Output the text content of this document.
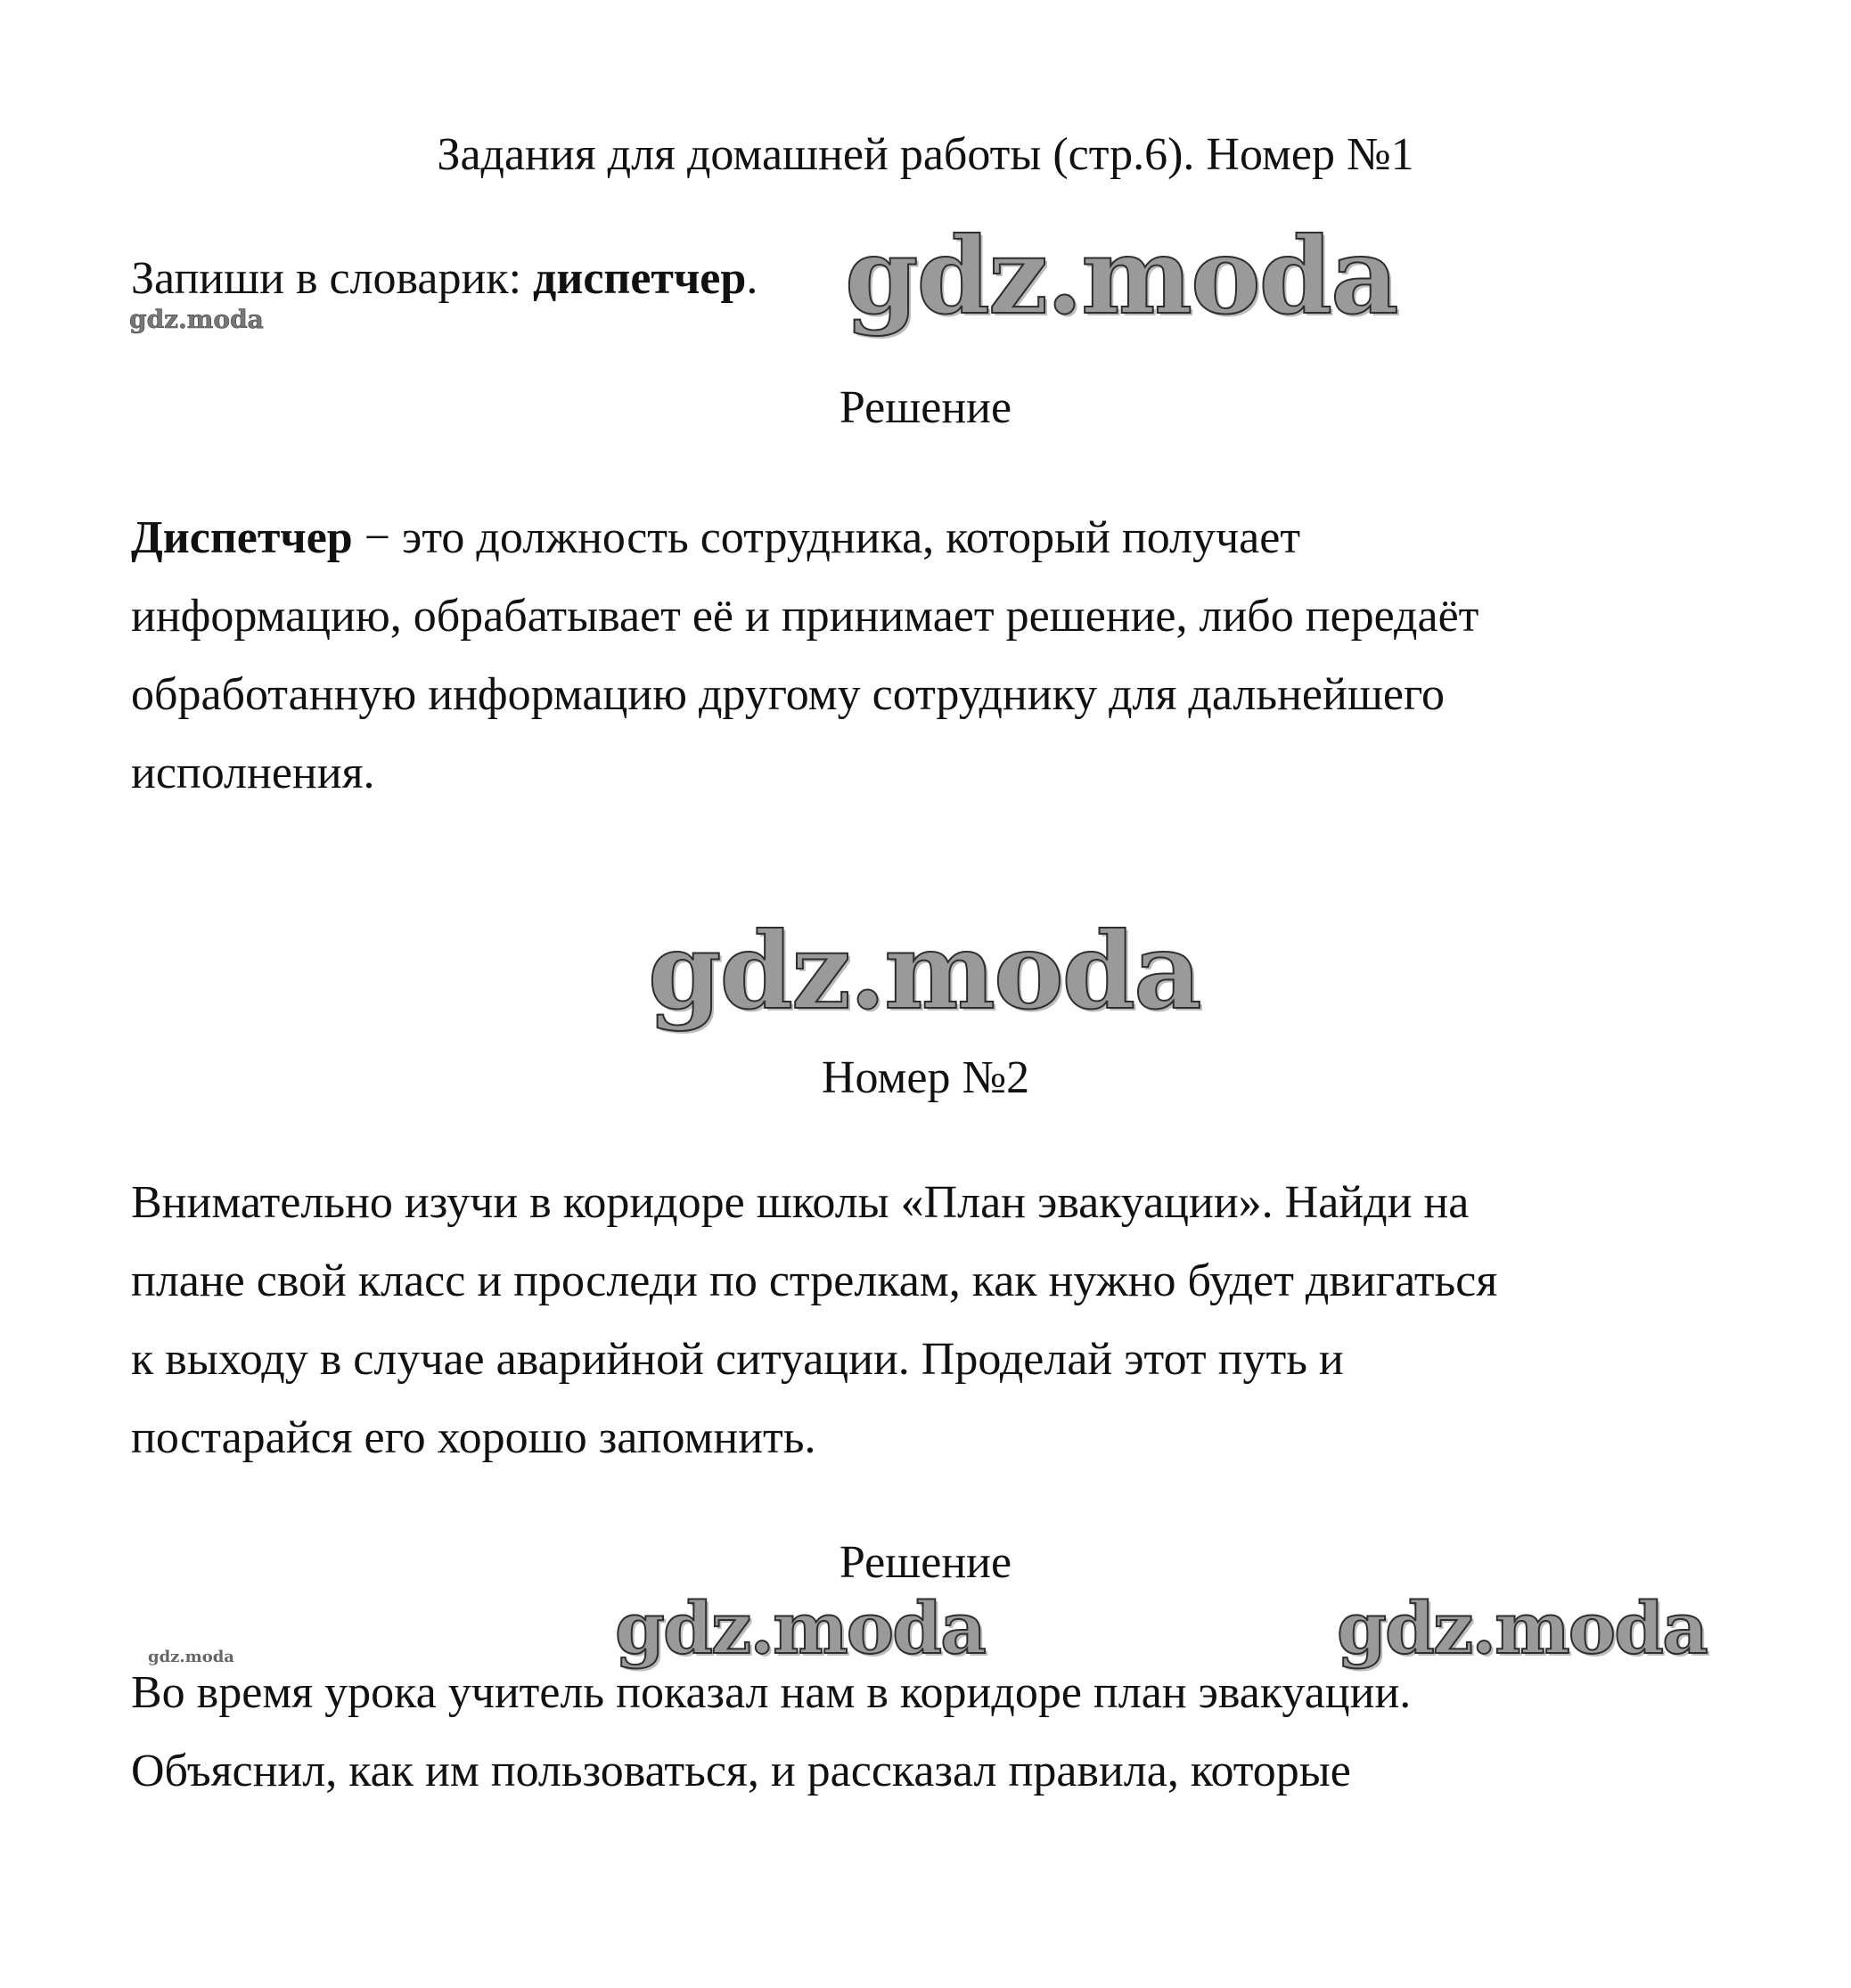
Задания для домашней работы (стр.6). Номер №1
Запиши в словарик: диспетчер.
Решение
Диспетчер − это должность сотрудника, который получает
информацию, обрабатывает её и принимает решение, либо передаёт
обработанную информацию другому сотруднику для дальнейшего
исполнения.
Номер №2
Внимательно изучи в коридоре школы «План эвакуации». Найди на
плане свой класс и проследи по стрелкам, как нужно будет двигаться
к выходу в случае аварийной ситуации. Проделай этот путь и
постарайся его хорошо запомнить.
Решение
Во время урока учитель показал нам в коридоре план эвакуации.
Объяснил, как им пользоваться, и рассказал правила, которые
gdz.moda
gdz.moda
gdz.moda
gdz.moda	gdz.moda
gdz.moda
